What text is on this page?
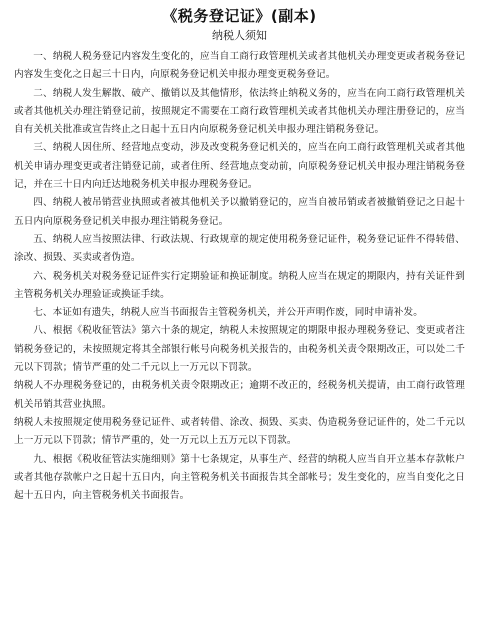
《税务登记证》(副本)
纳税人须知

一、纳税人税务登记内容发生变化的，应当自工商行政管理机关或者其他机关办理变更或者税务登记内容发生变化之日起三十日内，向原税务登记机关申报办理变更税务登记。

二、纳税人发生解散、破产、撤销以及其他情形，依法终止纳税义务的，应当在向工商行政管理机关或者其他机关办理注销登记前，按照规定不需要在工商行政管理机关或者其他机关办理注册登记的，应当自有关机关批准或宣告终止之日起十五日内向原税务登记机关申报办理注销税务登记。

三、纳税人因住所、经营地点变动，涉及改变税务登记机关的，应当在向工商行政管理机关或者其他机关申请办理变更或者注销登记前，或者住所、经营地点变动前，向原税务登记机关申报办理注销税务登记，并在三十日内向迁达地税务机关申报办理税务登记。

四、纳税人被吊销营业执照或者被其他机关予以撤销登记的，应当自被吊销或者被撤销登记之日起十五日内向原税务登记机关申报办理注销税务登记。

五、纳税人应当按照法律、行政法规、行政规章的规定使用税务登记证件，税务登记证件不得转借、涂改、损毁、买卖或者伪造。

六、税务机关对税务登记证件实行定期验证和换证制度。纳税人应当在规定的期限内，持有关证件到主管税务机关办理验证或换证手续。

七、本证如有遗失，纳税人应当书面报告主管税务机关，并公开声明作废，同时申请补发。

八、根据《税收征管法》第六十条的规定，纳税人未按照规定的期限申报办理税务登记、变更或者注销税务登记的，未按照规定将其全部银行帐号向税务机关报告的，由税务机关责令限期改正，可以处二千元以下罚款；情节严重的处二千元以上一万元以下罚款。

纳税人不办理税务登记的，由税务机关责令限期改正；逾期不改正的，经税务机关提请，由工商行政管理机关吊销其营业执照。

纳税人未按照规定使用税务登记证件、或者转借、涂改、损毁、买卖、伪造税务登记证件的，处二千元以上一万元以下罚款；情节严重的，处一万元以上五万元以下罚款。

九、根据《税收征管法实施细则》第十七条规定，从事生产、经营的纳税人应当自开立基本存款帐户或者其他存款帐户之日起十五日内，向主管税务机关书面报告其全部帐号；发生变化的，应当自变化之日起十五日内，向主管税务机关书面报告。
